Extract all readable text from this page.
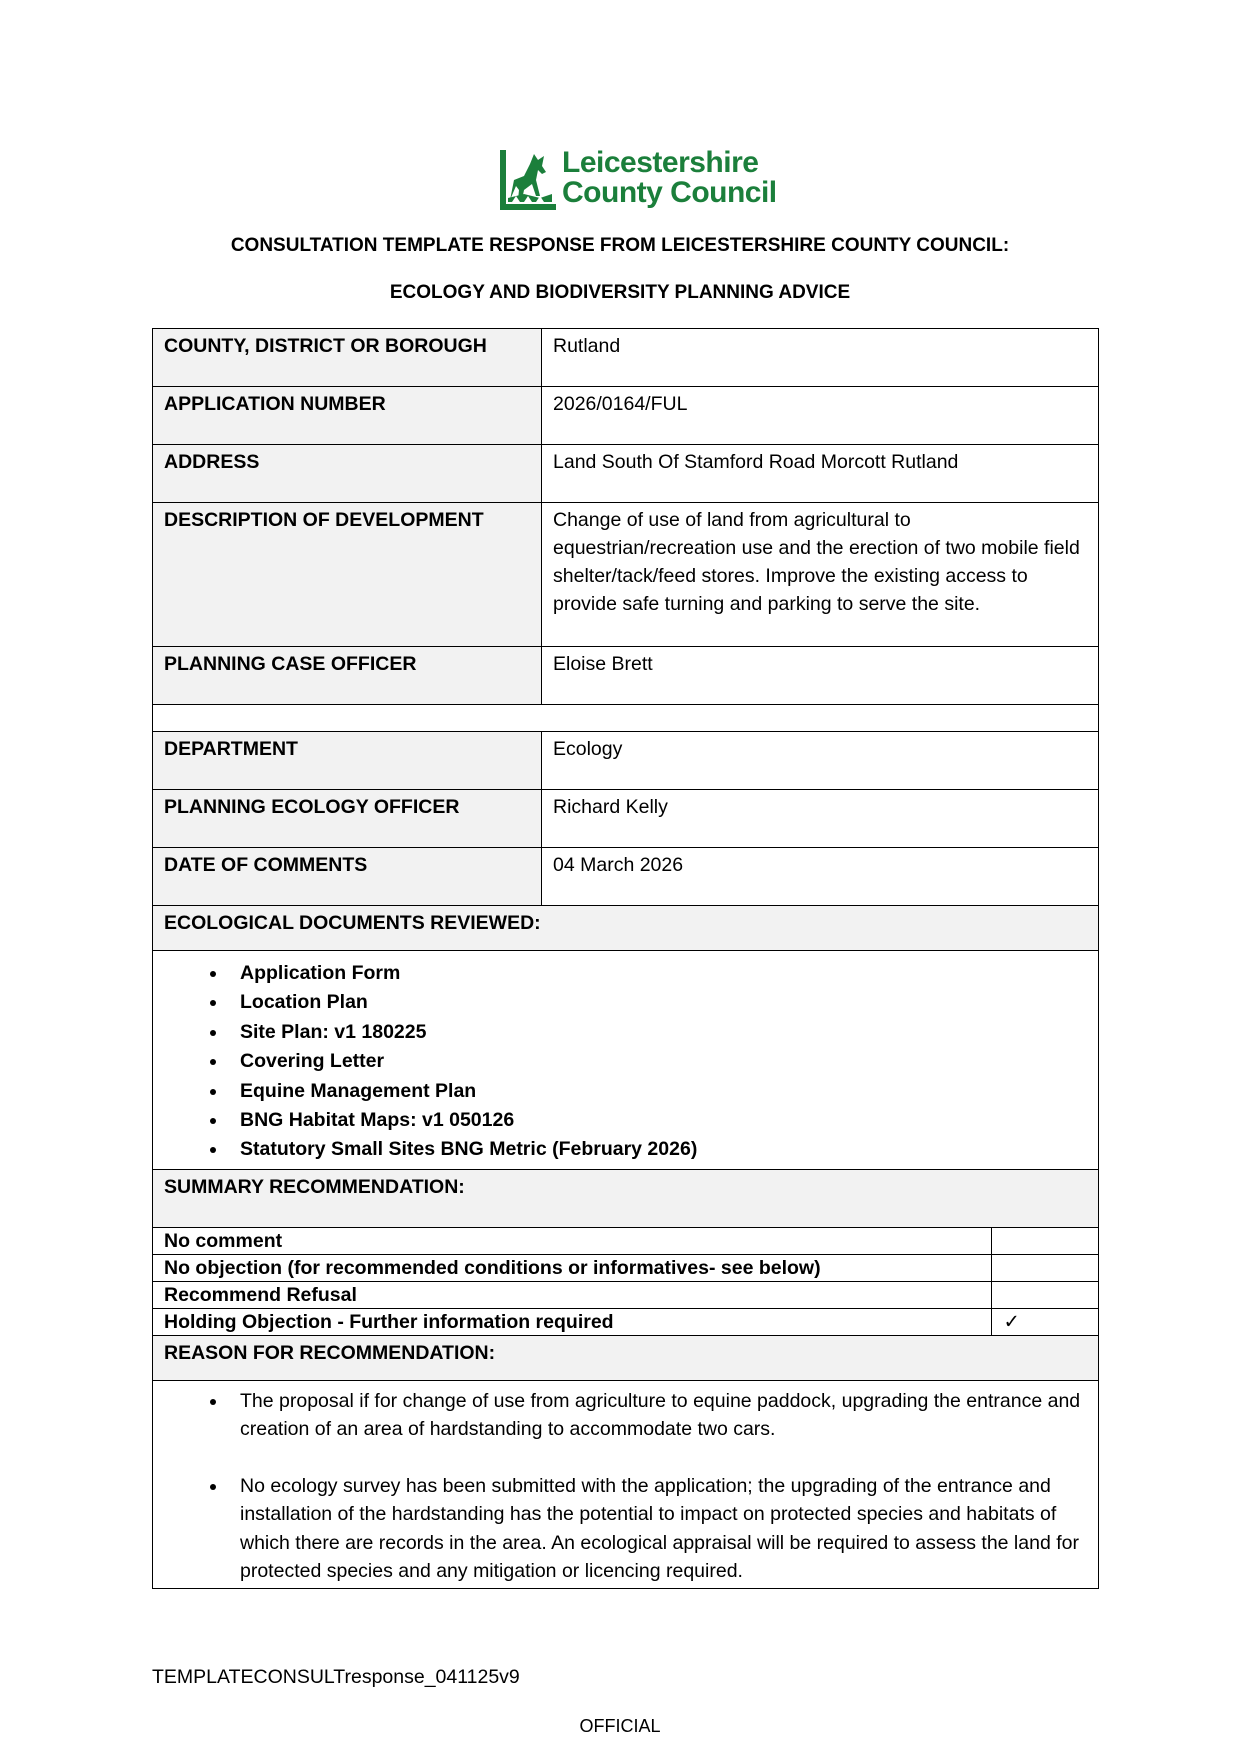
Leicestershire
County Council
CONSULTATION TEMPLATE RESPONSE FROM LEICESTERSHIRE COUNTY COUNCIL:
ECOLOGY AND BIODIVERSITY PLANNING ADVICE
COUNTY, DISTRICT OR BOROUGH	Rutland
APPLICATION NUMBER	2026/0164/FUL
ADDRESS	Land South Of Stamford Road Morcott Rutland
DESCRIPTION OF DEVELOPMENT	Change of use of land from agricultural to equestrian/recreation use and the erection of two mobile field shelter/tack/feed stores. Improve the existing access to provide safe turning and parking to serve the site.
PLANNING CASE OFFICER	Eloise Brett

DEPARTMENT	Ecology
PLANNING ECOLOGY OFFICER	Richard Kelly
DATE OF COMMENTS	04 March 2026
ECOLOGICAL DOCUMENTS REVIEWED:

• Application Form
• Location Plan
• Site Plan: v1 180225
• Covering Letter
• Equine Management Plan
• BNG Habitat Maps: v1 050126
• Statutory Small Sites BNG Metric (February 2026)

SUMMARY RECOMMENDATION:

No comment	
No objection (for recommended conditions or informatives- see below)	
Recommend Refusal	
Holding Objection - Further information required	✓

REASON FOR RECOMMENDATION:

• The proposal if for change of use from agriculture to equine paddock, upgrading the entrance and creation of an area of hardstanding to accommodate two cars.
• No ecology survey has been submitted with the application; the upgrading of the entrance and installation of the hardstanding has the potential to impact on protected species and habitats of which there are records in the area. An ecological appraisal will be required to assess the land for protected species and any mitigation or licencing required.
TEMPLATECONSULTresponse_041125v9
OFFICIAL
